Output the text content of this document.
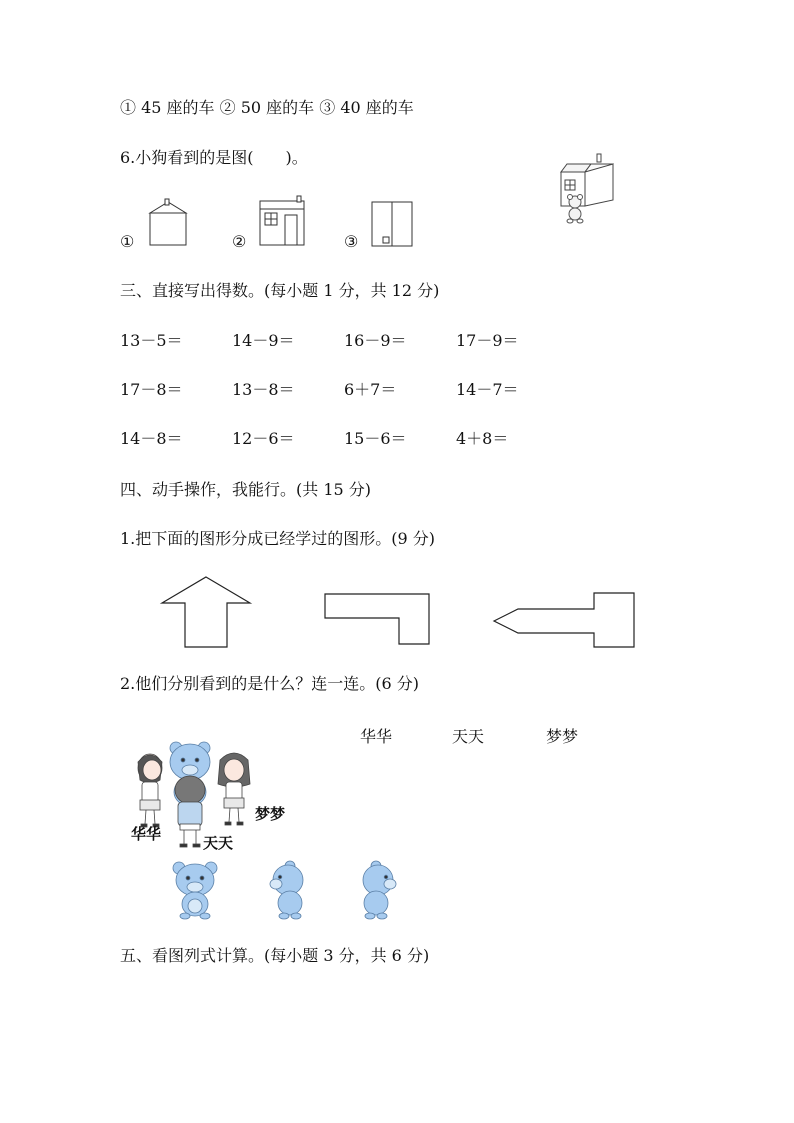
① 45 座的车 ② 50 座的车 ③ 40 座的车
6.小狗看到的是图(　　)。
①	②	③
三、直接写出得数。(每小题 1 分，共 12 分)
13－5＝	14－9＝	16－9＝	17－9＝
17－8＝	13－8＝	6＋7＝	14－7＝
14－8＝	12－6＝	15－6＝	4＋8＝
四、动手操作，我能行。(共 15 分)
1.把下面的图形分成已经学过的图形。(9 分)
2.他们分别看到的是什么？连一连。(6 分)
华华	天天	梦梦
华华	天天
梦梦
五、看图列式计算。(每小题 3 分，共 6 分)
